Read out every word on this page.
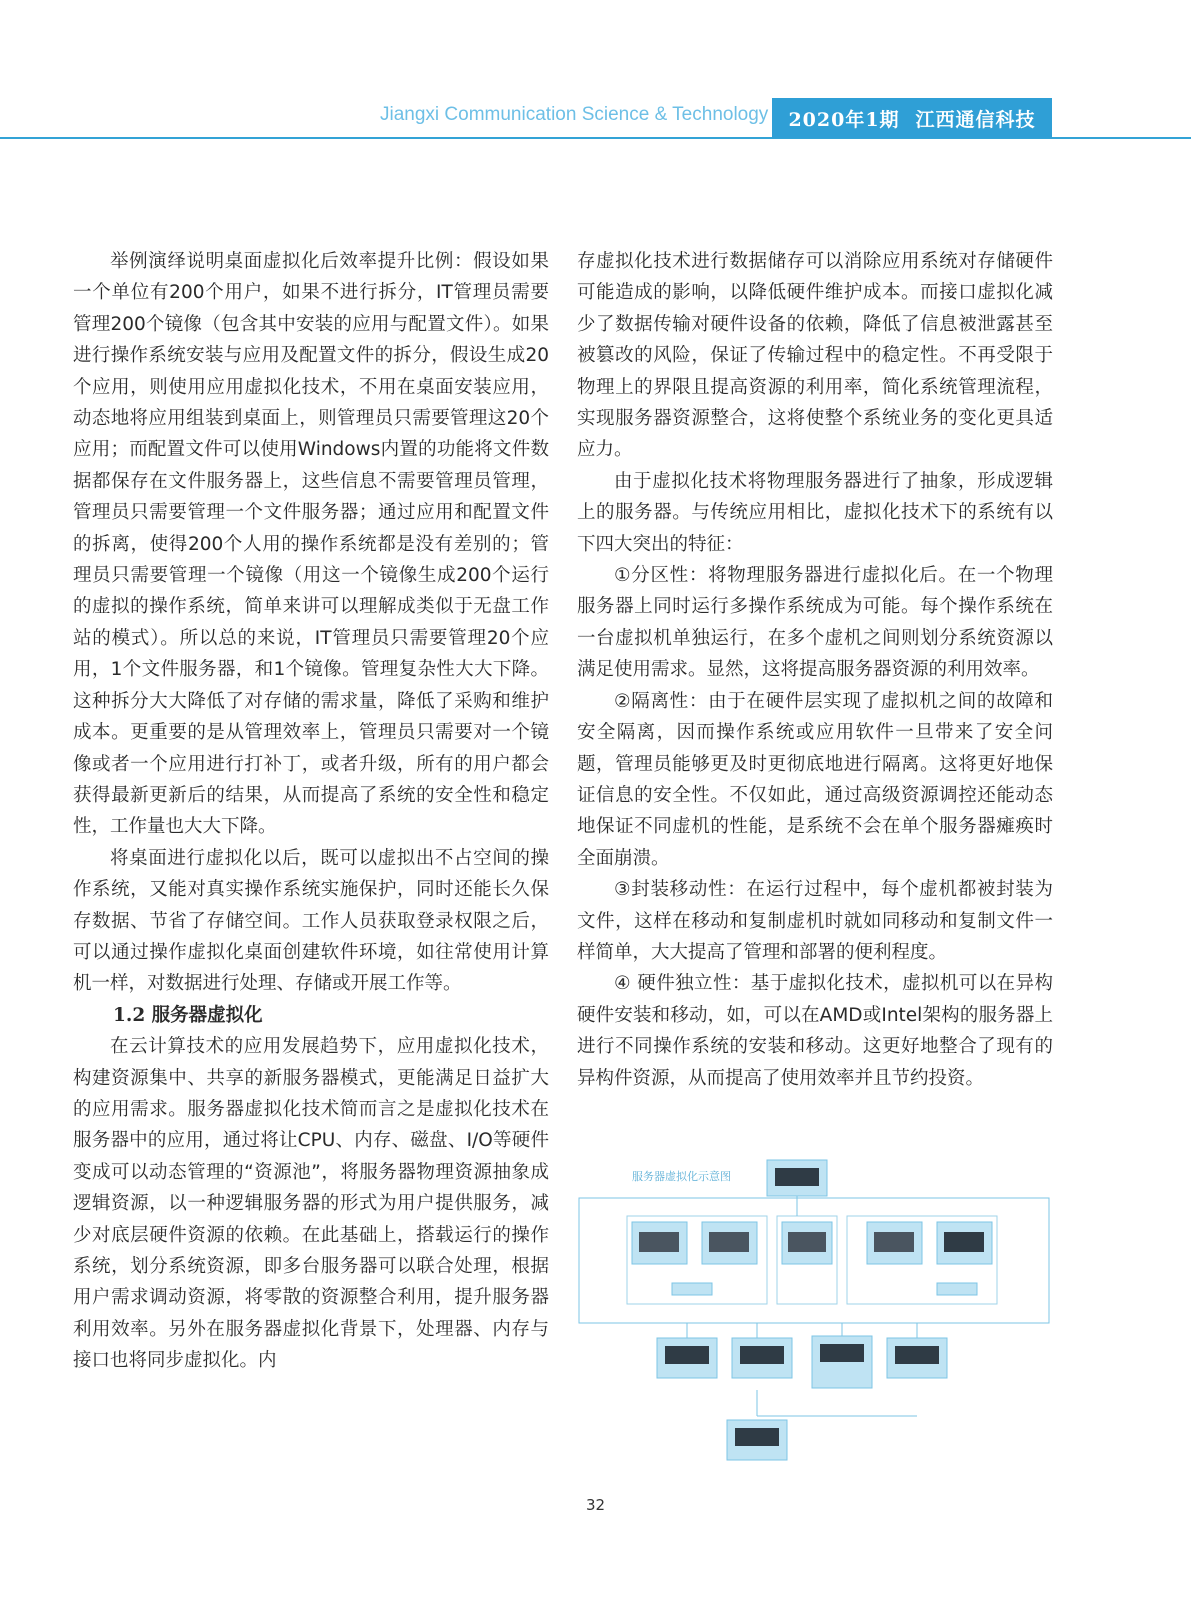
Jiangxi Communication Science & Technology 2020年1期 江西通信科技

举例演绎说明桌面虚拟化后效率提升比例：假设如果一个单位有200个用户，如果不进行拆分，IT管理员需要管理200个镜像（包含其中安装的应用与配置文件）。如果进行操作系统安装与应用及配置文件的拆分，假设生成20个应用，则使用应用虚拟化技术，不用在桌面安装应用，动态地将应用组装到桌面上，则管理员只需要管理这20个应用；而配置文件可以使用Windows内置的功能将文件数据都保存在文件服务器上，这些信息不需要管理员管理，管理员只需要管理一个文件服务器；通过应用和配置文件的拆离，使得200个人用的操作系统都是没有差别的；管理员只需要管理一个镜像（用这一个镜像生成200个运行的虚拟的操作系统，简单来讲可以理解成类似于无盘工作站的模式）。所以总的来说，IT管理员只需要管理20个应用，1个文件服务器，和1个镜像。管理复杂性大大下降。这种拆分大大降低了对存储的需求量，降低了采购和维护成本。更重要的是从管理效率上，管理员只需要对一个镜像或者一个应用进行打补丁，或者升级，所有的用户都会获得最新更新后的结果，从而提高了系统的安全性和稳定性，工作量也大大下降。

将桌面进行虚拟化以后，既可以虚拟出不占空间的操作系统，又能对真实操作系统实施保护，同时还能长久保存数据、节省了存储空间。工作人员获取登录权限之后，可以通过操作虚拟化桌面创建软件环境，如往常使用计算机一样，对数据进行处理、存储或开展工作等。

1.2 服务器虚拟化

在云计算技术的应用发展趋势下，应用虚拟化技术，构建资源集中、共享的新服务器模式，更能满足日益扩大的应用需求。服务器虚拟化技术简而言之是虚拟化技术在服务器中的应用，通过将让CPU、内存、磁盘、I/O等硬件变成可以动态管理的“资源池”，将服务器物理资源抽象成逻辑资源，以一种逻辑服务器的形式为用户提供服务，减少对底层硬件资源的依赖。在此基础上，搭载运行的操作系统，划分系统资源，即多台服务器可以联合处理，根据用户需求调动资源，将零散的资源整合利用，提升服务器利用效率。另外在服务器虚拟化背景下，处理器、内存与接口也将同步虚拟化。内

存虚拟化技术进行数据储存可以消除应用系统对存储硬件可能造成的影响，以降低硬件维护成本。而接口虚拟化减少了数据传输对硬件设备的依赖，降低了信息被泄露甚至被篡改的风险，保证了传输过程中的稳定性。不再受限于物理上的界限且提高资源的利用率，简化系统管理流程，实现服务器资源整合，这将使整个系统业务的变化更具适应力。

由于虚拟化技术将物理服务器进行了抽象，形成逻辑上的服务器。与传统应用相比，虚拟化技术下的系统有以下四大突出的特征：

①分区性：将物理服务器进行虚拟化后。在一个物理服务器上同时运行多操作系统成为可能。每个操作系统在一台虚拟机单独运行，在多个虚机之间则划分系统资源以满足使用需求。显然，这将提高服务器资源的利用效率。

②隔离性：由于在硬件层实现了虚拟机之间的故障和安全隔离，因而操作系统或应用软件一旦带来了安全问题，管理员能够更及时更彻底地进行隔离。这将更好地保证信息的安全性。不仅如此，通过高级资源调控还能动态地保证不同虚机的性能，是系统不会在单个服务器瘫痪时全面崩溃。

③封装移动性：在运行过程中，每个虚机都被封装为文件，这样在移动和复制虚机时就如同移动和复制文件一样简单，大大提高了管理和部署的便利程度。

④ 硬件独立性：基于虚拟化技术，虚拟机可以在异构硬件安装和移动，如，可以在AMD或Intel架构的服务器上进行不同操作系统的安装和移动。这更好地整合了现有的异构件资源，从而提高了使用效率并且节约投资。

服务器虚拟化示意图
32
